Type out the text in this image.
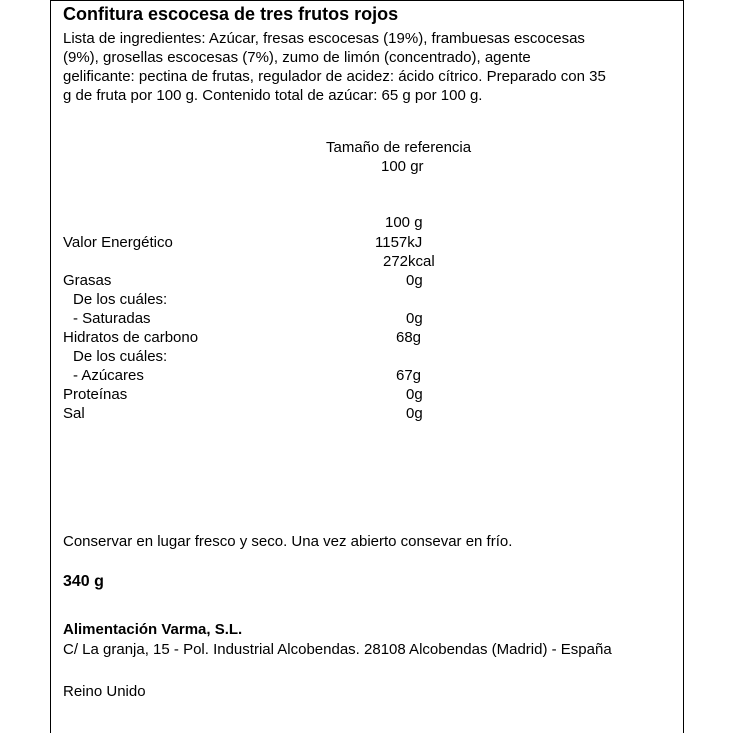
Confitura escocesa de tres frutos rojos
Lista de ingredientes: Azúcar, fresas escocesas (19%), frambuesas escocesas
(9%), grosellas escocesas (7%), zumo de limón (concentrado), agente
gelificante: pectina de frutas, regulador de acidez: ácido cítrico. Preparado con 35
g de fruta por 100 g. Contenido total de azúcar: 65 g por 100 g.
Tamaño de referencia
100 gr
100 g
Valor Energético	1157kJ
272kcal
Grasas	0g
De los cuáles:
- Saturadas	0g
Hidratos de carbono	68g
De los cuáles:
- Azúcares	67g
Proteínas	0g
Sal	0g
Conservar en lugar fresco y seco. Una vez abierto consevar en frío.
340 g
Alimentación Varma, S.L.
C/ La granja, 15 - Pol. Industrial Alcobendas. 28108 Alcobendas (Madrid) - España
Reino Unido
